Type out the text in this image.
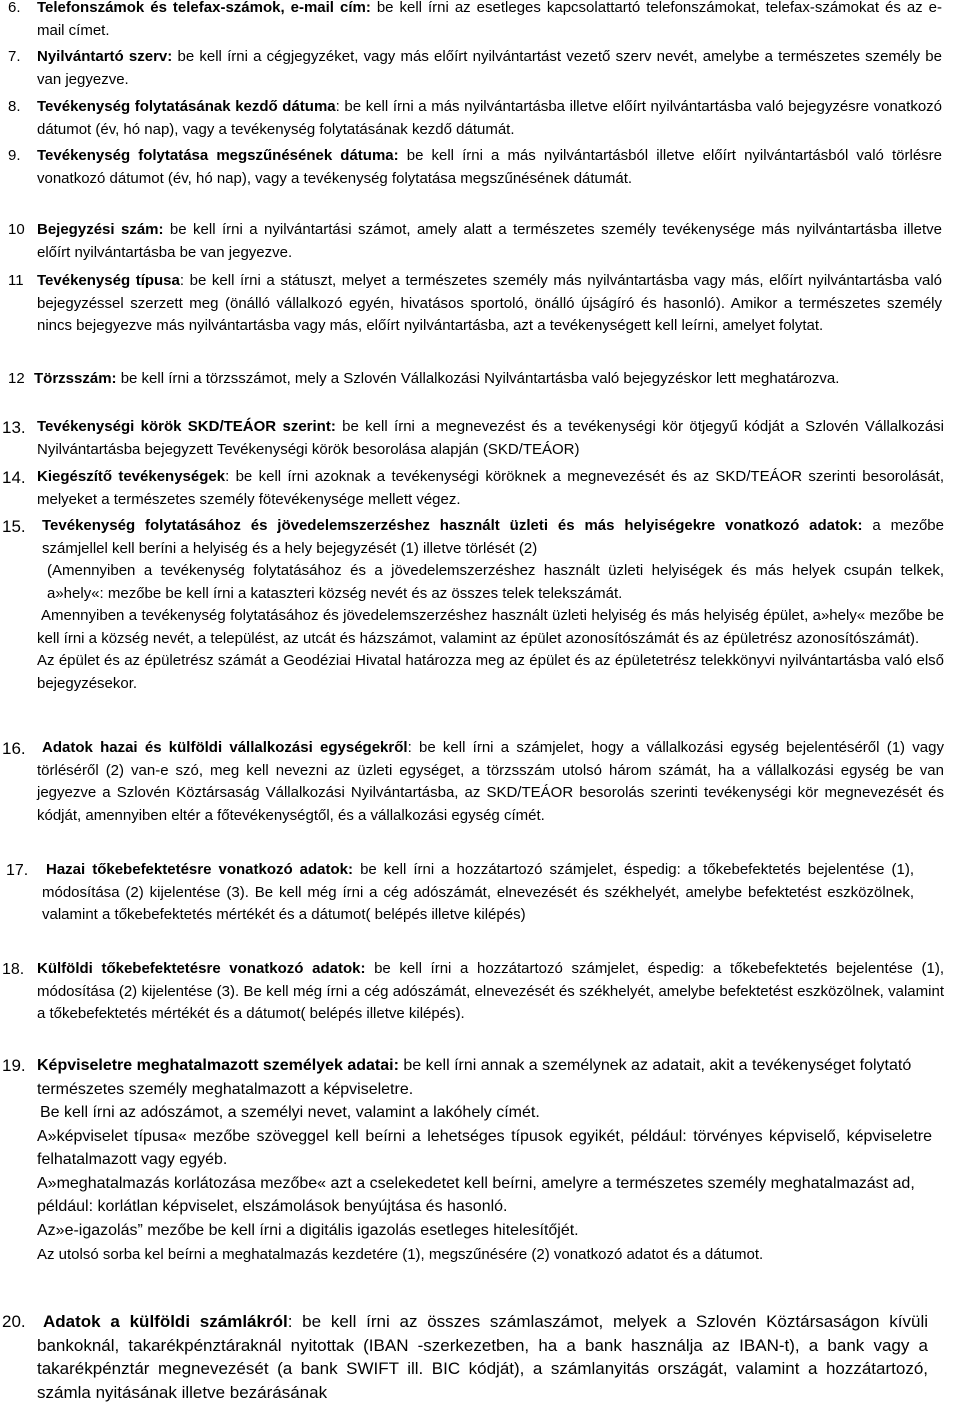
6.	Telefonszámok és telefax-számok, e-mail cím: be kell írni az esetleges kapcsolattartó telefonszámokat, telefax-számokat és az e-mail címet.
7.	Nyilvántartó szerv: be kell írni a cégjegyzéket, vagy más előírt nyilvántartást vezető szerv nevét, amelybe a természetes személy be van jegyezve.
8.	Tevékenység folytatásának kezdő dátuma: be kell írni a más nyilvántartásba illetve előírt nyilvántartásba való bejegyzésre vonatkozó dátumot (év, hó nap), vagy a tevékenység folytatásának kezdő dátumát.
9.	Tevékenység folytatása megszűnésének dátuma: be kell írni a más nyilvántartásból illetve előírt nyilvántartásból való törlésre vonatkozó dátumot (év, hó nap), vagy a tevékenység folytatása megszűnésének dátumát.
10 Bejegyzési szám: be kell írni a nyilvántartási számot, amely alatt a természetes személy tevékenysége más nyilvántartásba illetve előírt nyilvántartásba be van jegyezve.
11 Tevékenység típusa: be kell írni a státuszt, melyet a természetes személy más nyilvántartásba vagy más, előírt nyilvántartásba való bejegyzéssel szerzett meg (önálló vállalkozó egyén, hivatásos sportoló, önálló újságíró és hasonló). Amikor a természetes személy nincs bejegyezve más nyilvántartásba vagy más, előírt nyilvántartásba, azt a tevékenységett kell leírni, amelyet folytat.
12 Törzsszám: be kell írni a törzsszámot, mely a Szlovén Vállalkozási Nyilvántartásba való bejegyzéskor lett meghatározva.
13. Tevékenységi körök SKD/TEÁOR szerint: be kell írni a megnevezést és a tevékenységi kör ötjegyű kódját a Szlovén Vállalkozási Nyilvántartásba bejegyzett Tevékenységi körök besorolása alapján (SKD/TEÁOR)
14. Kiegészítő tevékenységek: be kell írni azoknak a tevékenységi köröknek a megnevezését és az SKD/TEÁOR szerinti besorolását, melyeket a természetes személy fötevékenysége mellett végez.
15.	Tevékenység folytatásához és jövedelemszerzéshez használt üzleti és más helyiségekre vonatkozó adatok: a mezőbe számjellel kell beríni a helyiség és a hely bejegyzését (1) illetve törlését (2)
(Amennyiben a tevékenység folytatásához és a jövedelemszerzéshez használt üzleti helyiségek és más helyek csupán telkek, a»hely«: mezőbe be kell írni a kataszteri község nevét és az összes telek telekszámát.
Amennyiben a tevékenység folytatásához és jövedelemszerzéshez használt üzleti helyiség és más helyiség épület, a»hely« mezőbe be kell írni a község nevét, a települést, az utcát és házszámot, valamint az épület azonosítószámát és az épületrész azonosítószámát).
Az épület és az épületrész számát a Geodéziai Hivatal határozza meg az épület és az épületetrész telekkönyvi nyilvántartásba való első bejegyzésekor.
16.	Adatok hazai és külföldi vállalkozási egységekről: be kell írni a számjelet, hogy a vállalkozási egység bejelentéséről (1) vagy törléséről (2) van-e szó, meg kell nevezni az üzleti egységet, a törzsszám utolsó három számát, ha a vállalkozási egység be van jegyezve a Szlovén Köztársaság Vállalkozási Nyilvántartásba, az SKD/TEÁOR besorolás szerinti tevékenységi kör megnevezését és kódját, amennyiben eltér a főtevékenységtől, és a vállalkozási egység címét.
17.	Hazai tőkebefektetésre vonatkozó adatok: be kell írni a hozzátartozó számjelet, éspedig: a tőkebefektetés bejelentése (1), módosítása (2) kijelentése (3). Be kell még írni a cég adószámát, elnevezését és székhelyét, amelybe befektetést eszközölnek, valamint a tőkebefektetés mértékét és a dátumot( belépés illetve kilépés)
18. Külföldi tőkebefektetésre vonatkozó adatok: be kell írni a hozzátartozó számjelet, éspedig: a tőkebefektetés bejelentése (1), módosítása (2) kijelentése (3). Be kell még írni a cég adószámát, elnevezését és székhelyét, amelybe befektetést eszközölnek, valamint a tőkebefektetés mértékét és a dátumot( belépés illetve kilépés).
19. Képviseletre meghatalmazott személyek adatai: be kell írni annak a személynek az adatait, akit a tevékenységet folytató természetes személy meghatalmazott a képviseletre.
Be kell írni az adószámot, a személyi nevet, valamint a lakóhely címét.
A»képviselet típusa« mezőbe szöveggel kell beírni a lehetséges típusok egyikét, például: törvényes képviselő, képviseletre felhatalmazott vagy egyéb.
A»meghatalmazás korlátozása mezőbe« azt a cselekedetet kell beírni, amelyre a természetes személy meghatalmazást ad, például: korlátlan képviselet, elszámolások benyújtása és hasonló.
Az»e-igazolás” mezőbe be kell írni a digitális igazolás esetleges hitelesítőjét.
Az utolsó sorba kel beírni a meghatalmazás kezdetére (1), megszűnésére (2) vonatkozó adatot és a dátumot.
20.	Adatok a külföldi számlákról: be kell írni az összes számlaszámot, melyek a Szlovén Köztársaságon kívüli bankoknál, takarékpénztáraknál nyitottak (IBAN -szerkezetben, ha a bank használja az IBAN-t), a bank vagy a takarékpénztár megnevezését (a bank SWIFT ill. BIC kódját), a számlanyitás országát, valamint a hozzátartozó, számla nyitásának illetve bezárásának
